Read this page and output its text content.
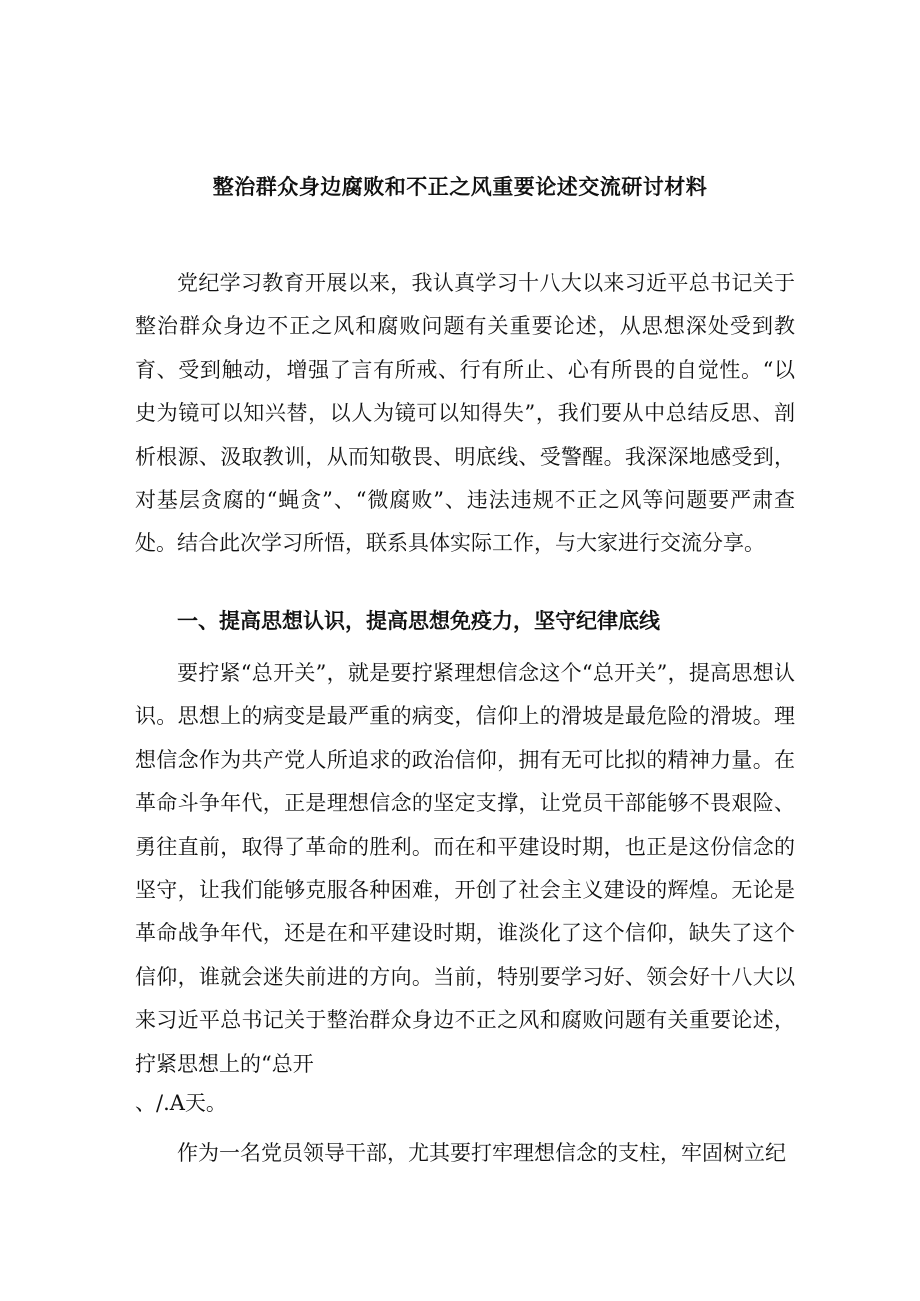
整治群众身边腐败和不正之风重要论述交流研讨材料

党纪学习教育开展以来，我认真学习十八大以来习近平总书记关于整治群众身边不正之风和腐败问题有关重要论述，从思想深处受到教育、受到触动，增强了言有所戒、行有所止、心有所畏的自觉性。“以史为镜可以知兴替，以人为镜可以知得失”，我们要从中总结反思、剖析根源、汲取教训，从而知敬畏、明底线、受警醒。我深深地感受到，对基层贪腐的“蝇贪”、“微腐败”、违法违规不正之风等问题要严肃查处。结合此次学习所悟，联系具体实际工作，与大家进行交流分享。

一、提高思想认识，提高思想免疫力，坚守纪律底线

要拧紧“总开关”，就是要拧紧理想信念这个“总开关”，提高思想认识。思想上的病变是最严重的病变，信仰上的滑坡是最危险的滑坡。理想信念作为共产党人所追求的政治信仰，拥有无可比拟的精神力量。在革命斗争年代，正是理想信念的坚定支撑，让党员干部能够不畏艰险、勇往直前，取得了革命的胜利。而在和平建设时期，也正是这份信念的坚守，让我们能够克服各种困难，开创了社会主义建设的辉煌。无论是革命战争年代，还是在和平建设时期，谁淡化了这个信仰，缺失了这个信仰，谁就会迷失前进的方向。当前，特别要学习好、领会好十八大以来习近平总书记关于整治群众身边不正之风和腐败问题有关重要论述，拧紧思想上的“总开

、/.A天。

作为一名党员领导干部，尤其要打牢理想信念的支柱，牢固树立纪
